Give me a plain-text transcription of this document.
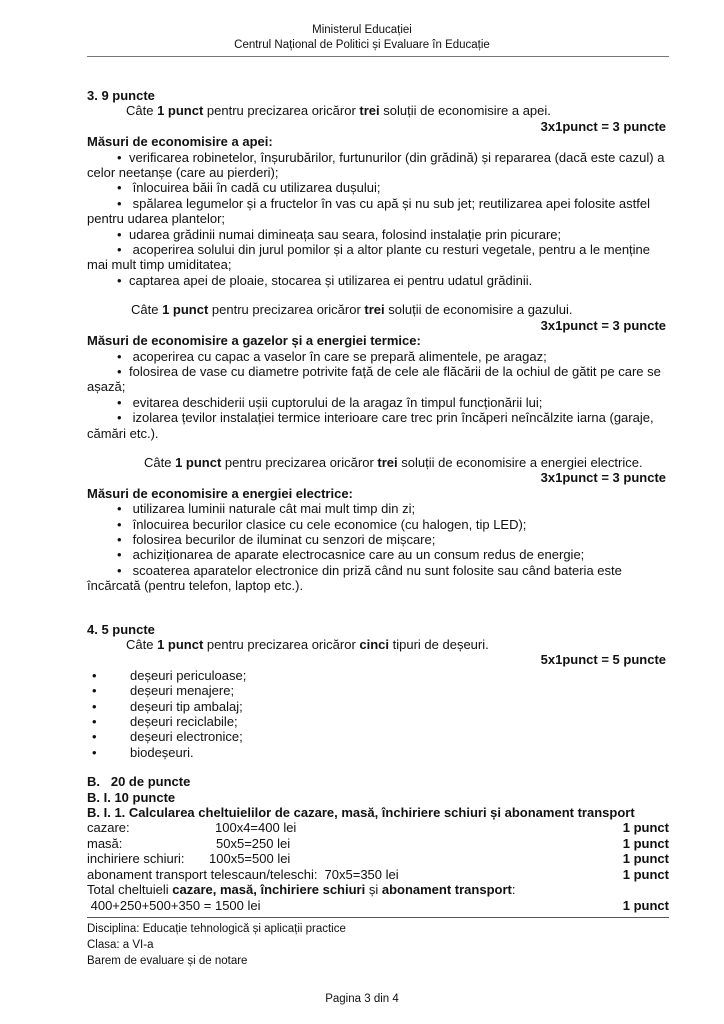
Ministerul Educației
Centrul Național de Politici și Evaluare în Educație

3. 9 puncte

Câte 1 punct pentru precizarea oricăror trei soluții de economisire a apei.

3x1punct = 3 puncte

Măsuri de economisire a apei:

• verificarea robinetelor, înșurubărilor, furtunurilor (din grădină) și repararea (dacă este cazul) a celor neetanșe (care au pierderi);

• înlocuirea băii în cadă cu utilizarea dușului;

• spălarea legumelor și a fructelor în vas cu apă și nu sub jet; reutilizarea apei folosite astfel pentru udarea plantelor;

• udarea grădinii numai dimineața sau seara, folosind instalație prin picurare;

• acoperirea solului din jurul pomilor și a altor plante cu resturi vegetale, pentru a le menține mai mult timp umiditatea;

• captarea apei de ploaie, stocarea și utilizarea ei pentru udatul grădinii.

Câte 1 punct pentru precizarea oricăror trei soluții de economisire a gazului.

3x1punct = 3 puncte

Măsuri de economisire a gazelor și a energiei termice:

• acoperirea cu capac a vaselor în care se prepară alimentele, pe aragaz;

• folosirea de vase cu diametre potrivite față de cele ale flăcării de la ochiul de gătit pe care se așază;

• evitarea deschiderii ușii cuptorului de la aragaz în timpul funcționării lui;

• izolarea țevilor instalației termice interioare care trec prin încăperi neîncălzite iarna (garaje, cămări etc.).

Câte 1 punct pentru precizarea oricăror trei soluții de economisire a energiei electrice.

3x1punct = 3 puncte

Măsuri de economisire a energiei electrice:

• utilizarea luminii naturale cât mai mult timp din zi;

• înlocuirea becurilor clasice cu cele economice (cu halogen, tip LED);

• folosirea becurilor de iluminat cu senzori de mișcare;

• achiziționarea de aparate electrocasnice care au un consum redus de energie;

• scoaterea aparatelor electronice din priză când nu sunt folosite sau când bateria este încărcată (pentru telefon, laptop etc.).

4. 5 puncte

Câte 1 punct pentru precizarea oricăror cinci tipuri de deșeuri.

5x1punct = 5 puncte

•	deșeuri periculoase;

•	deșeuri menajere;

•	deșeuri tip ambalaj;

•	deșeuri reciclabile;

•	deșeuri electronice;

•	biodeșeuri.

B.   20 de puncte

B. I. 10 puncte

B. I. 1. Calcularea cheltuielilor de cazare, masă, închiriere schiuri și abonament transport

cazare:	100x4=400 lei	1 punct
masă:	50x5=250 lei	1 punct
inchiriere schiuri:	100x5=500 lei	1 punct
abonament transport telescaun/teleschi: 70x5=350 lei	1 punct

Total cheltuieli cazare, masă, închiriere schiuri și abonament transport:

400+250+500+350 = 1500 lei	1 punct
Disciplina: Educație tehnologică și aplicații practice
Clasa: a VI-a
Barem de evaluare și de notare
Pagina 3 din 4
